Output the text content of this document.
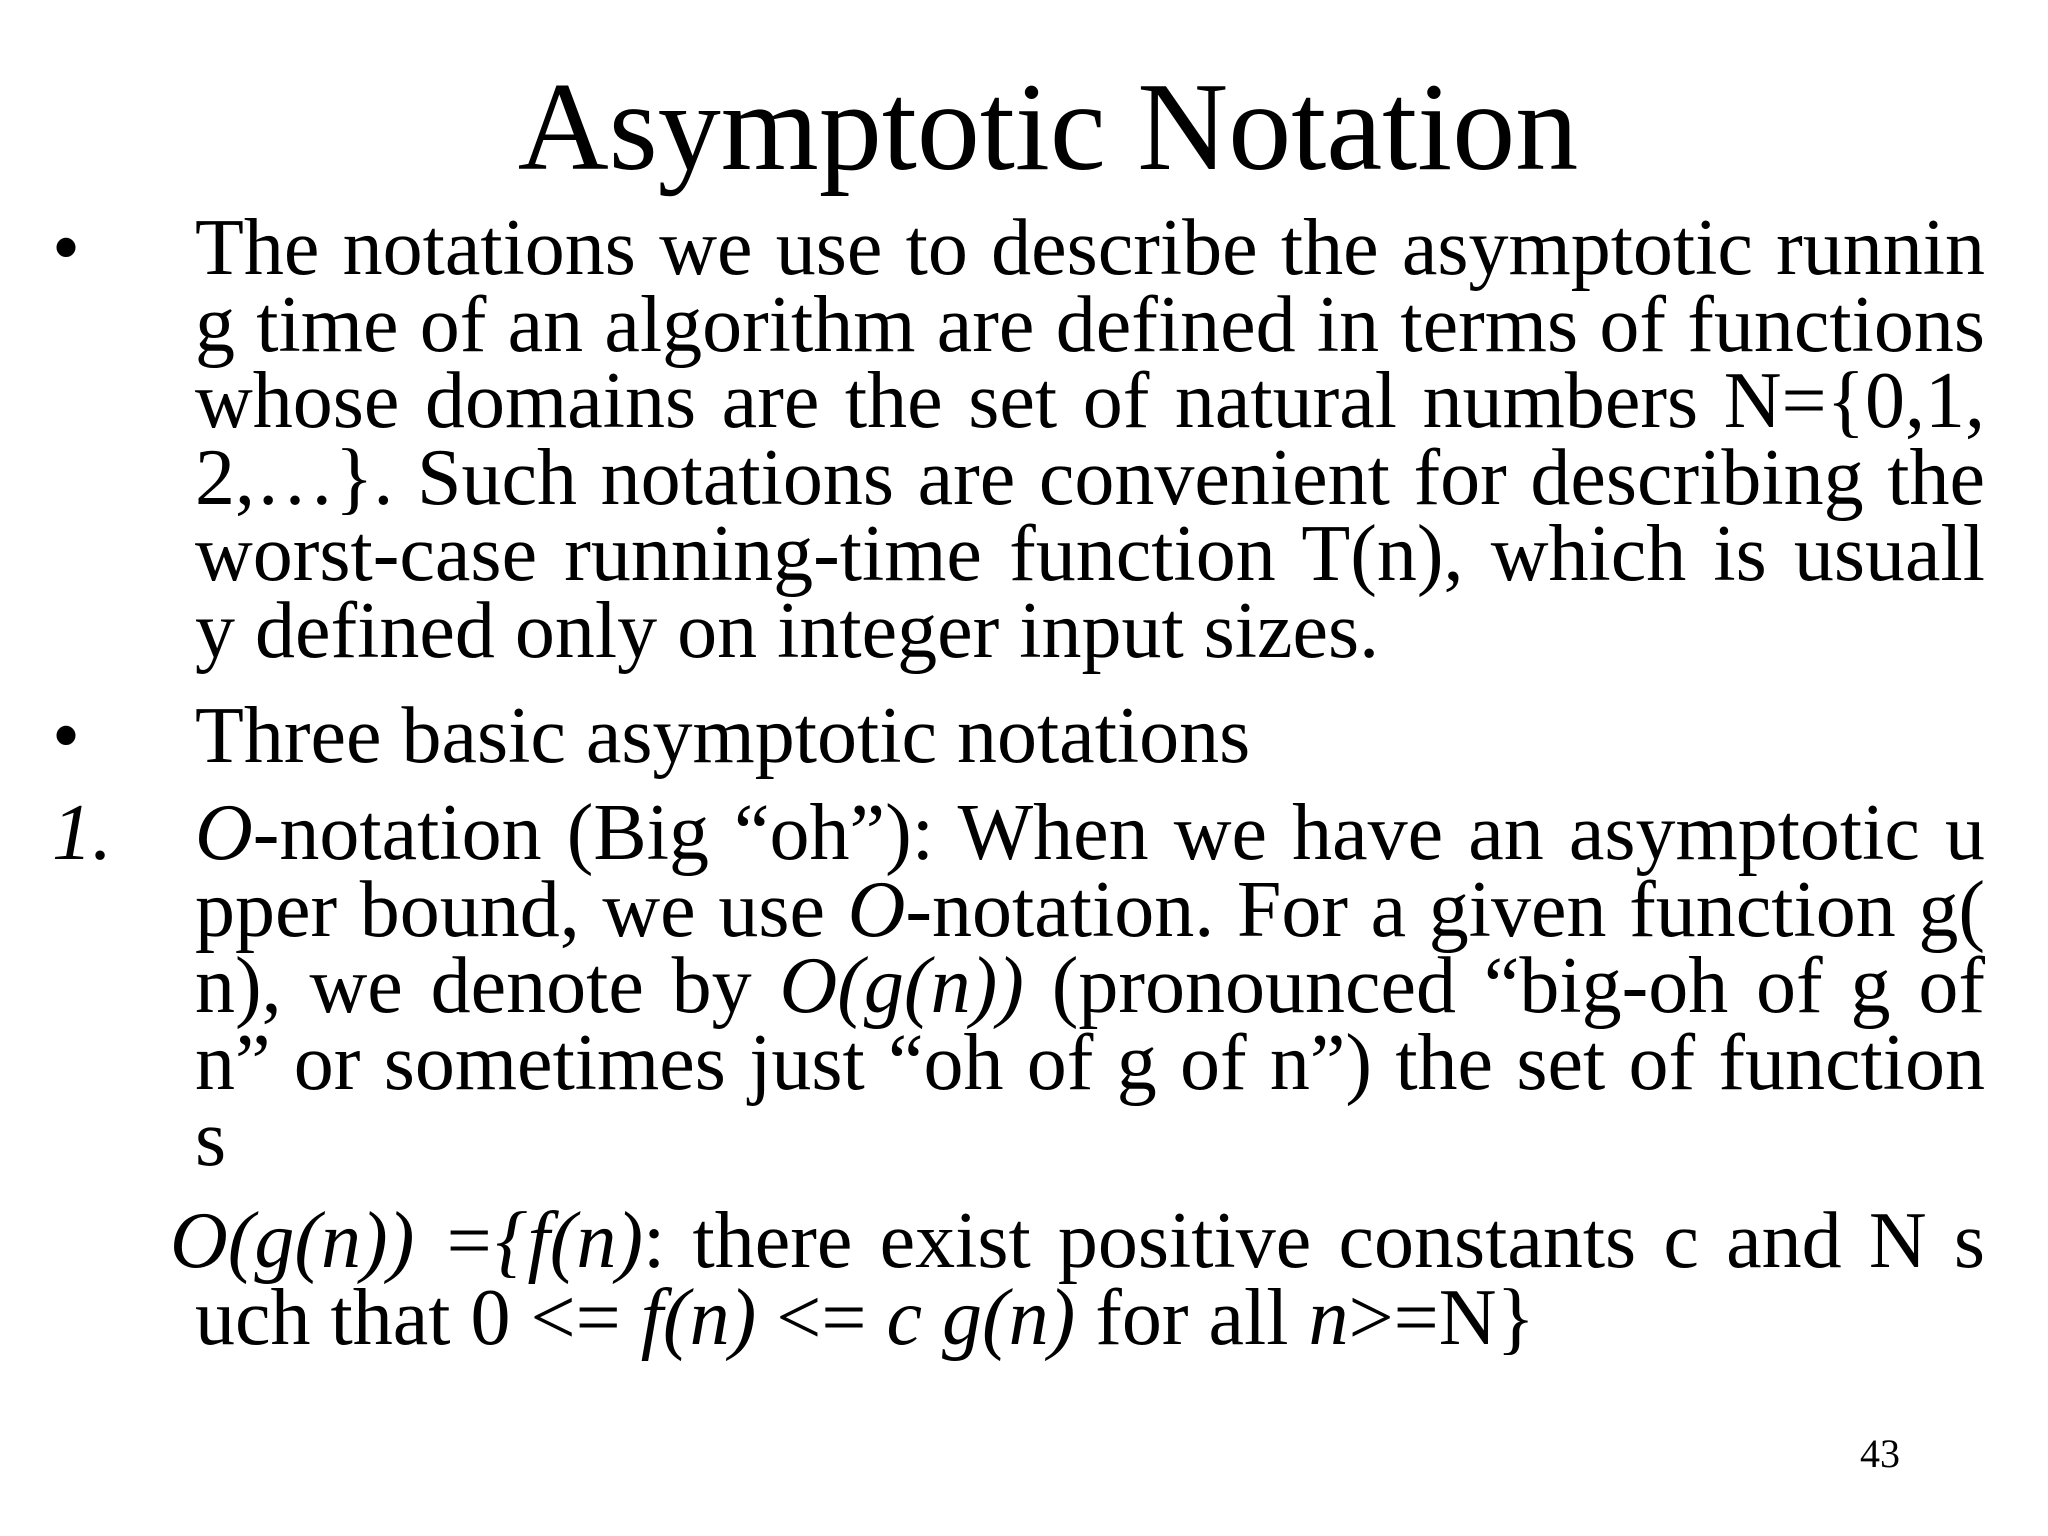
Asymptotic Notation
• The notations we use to describe the asymptotic runnin
g time of an algorithm are defined in terms of functions
whose domains are the set of natural numbers N={0,1,
2,…}. Such notations are convenient for describing the
worst-case running-time function T(n), which is usuall
y defined only on integer input sizes.
• Three basic asymptotic notations
1. O-notation (Big “oh”): When we have an asymptotic u
pper bound, we use O-notation. For a given function g(
n), we denote by O(g(n)) (pronounced “big-oh of g of
n” or sometimes just “oh of g of n”) the set of function
s
O(g(n)) ={f(n): there exist positive constants c and N s
uch that 0 <= f(n) <= c g(n) for all n>=N}
43
